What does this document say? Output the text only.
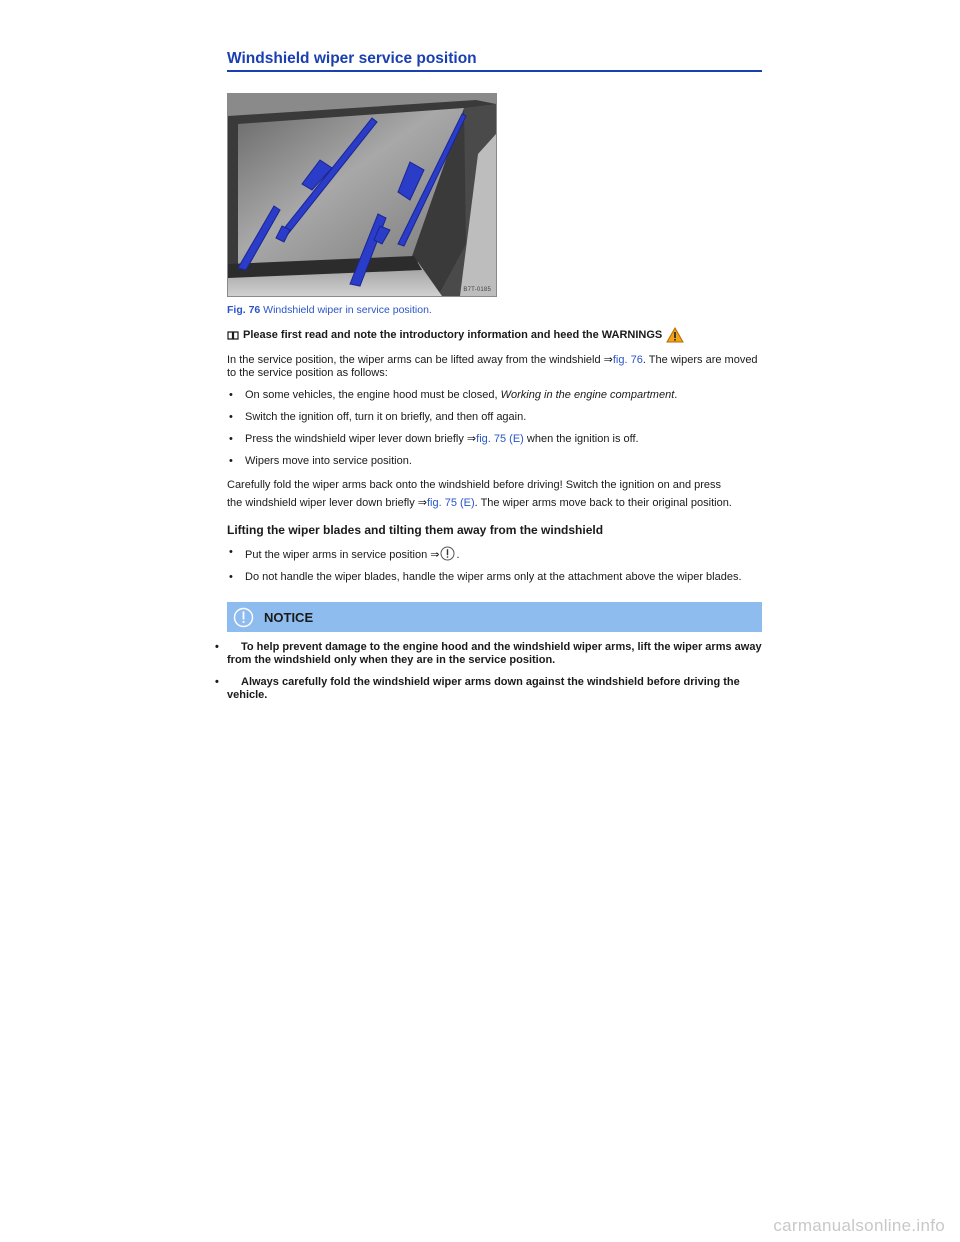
Windshield wiper service position
B7T-0185
Fig. 76 Windshield wiper in service position.
Please first read and note the introductory information and heed the WARNINGS

In the service position, the wiper arms can be lifted away from the windshield ⇒fig. 76. The wipers are moved to the service position as follows:

• On some vehicles, the engine hood must be closed, Working in the engine compartment.
• Switch the ignition off, turn it on briefly, and then off again.
• Press the windshield wiper lever down briefly ⇒fig. 75 (E) when the ignition is off.
• Wipers move into service position.

Carefully fold the wiper arms back onto the windshield before driving! Switch the ignition on and press
the windshield wiper lever down briefly ⇒fig. 75 (E). The wiper arms move back to their original position.

Lifting the wiper blades and tilting them away from the windshield
• Put the wiper arms in service position ⇒ .
• Do not handle the wiper blades, handle the wiper arms only at the attachment above the wiper blades.
NOTICE
• To help prevent damage to the engine hood and the windshield wiper arms, lift the wiper arms away from the windshield only when they are in the service position.
• Always carefully fold the windshield wiper arms down against the windshield before driving the vehicle.
carmanualsonline.info
